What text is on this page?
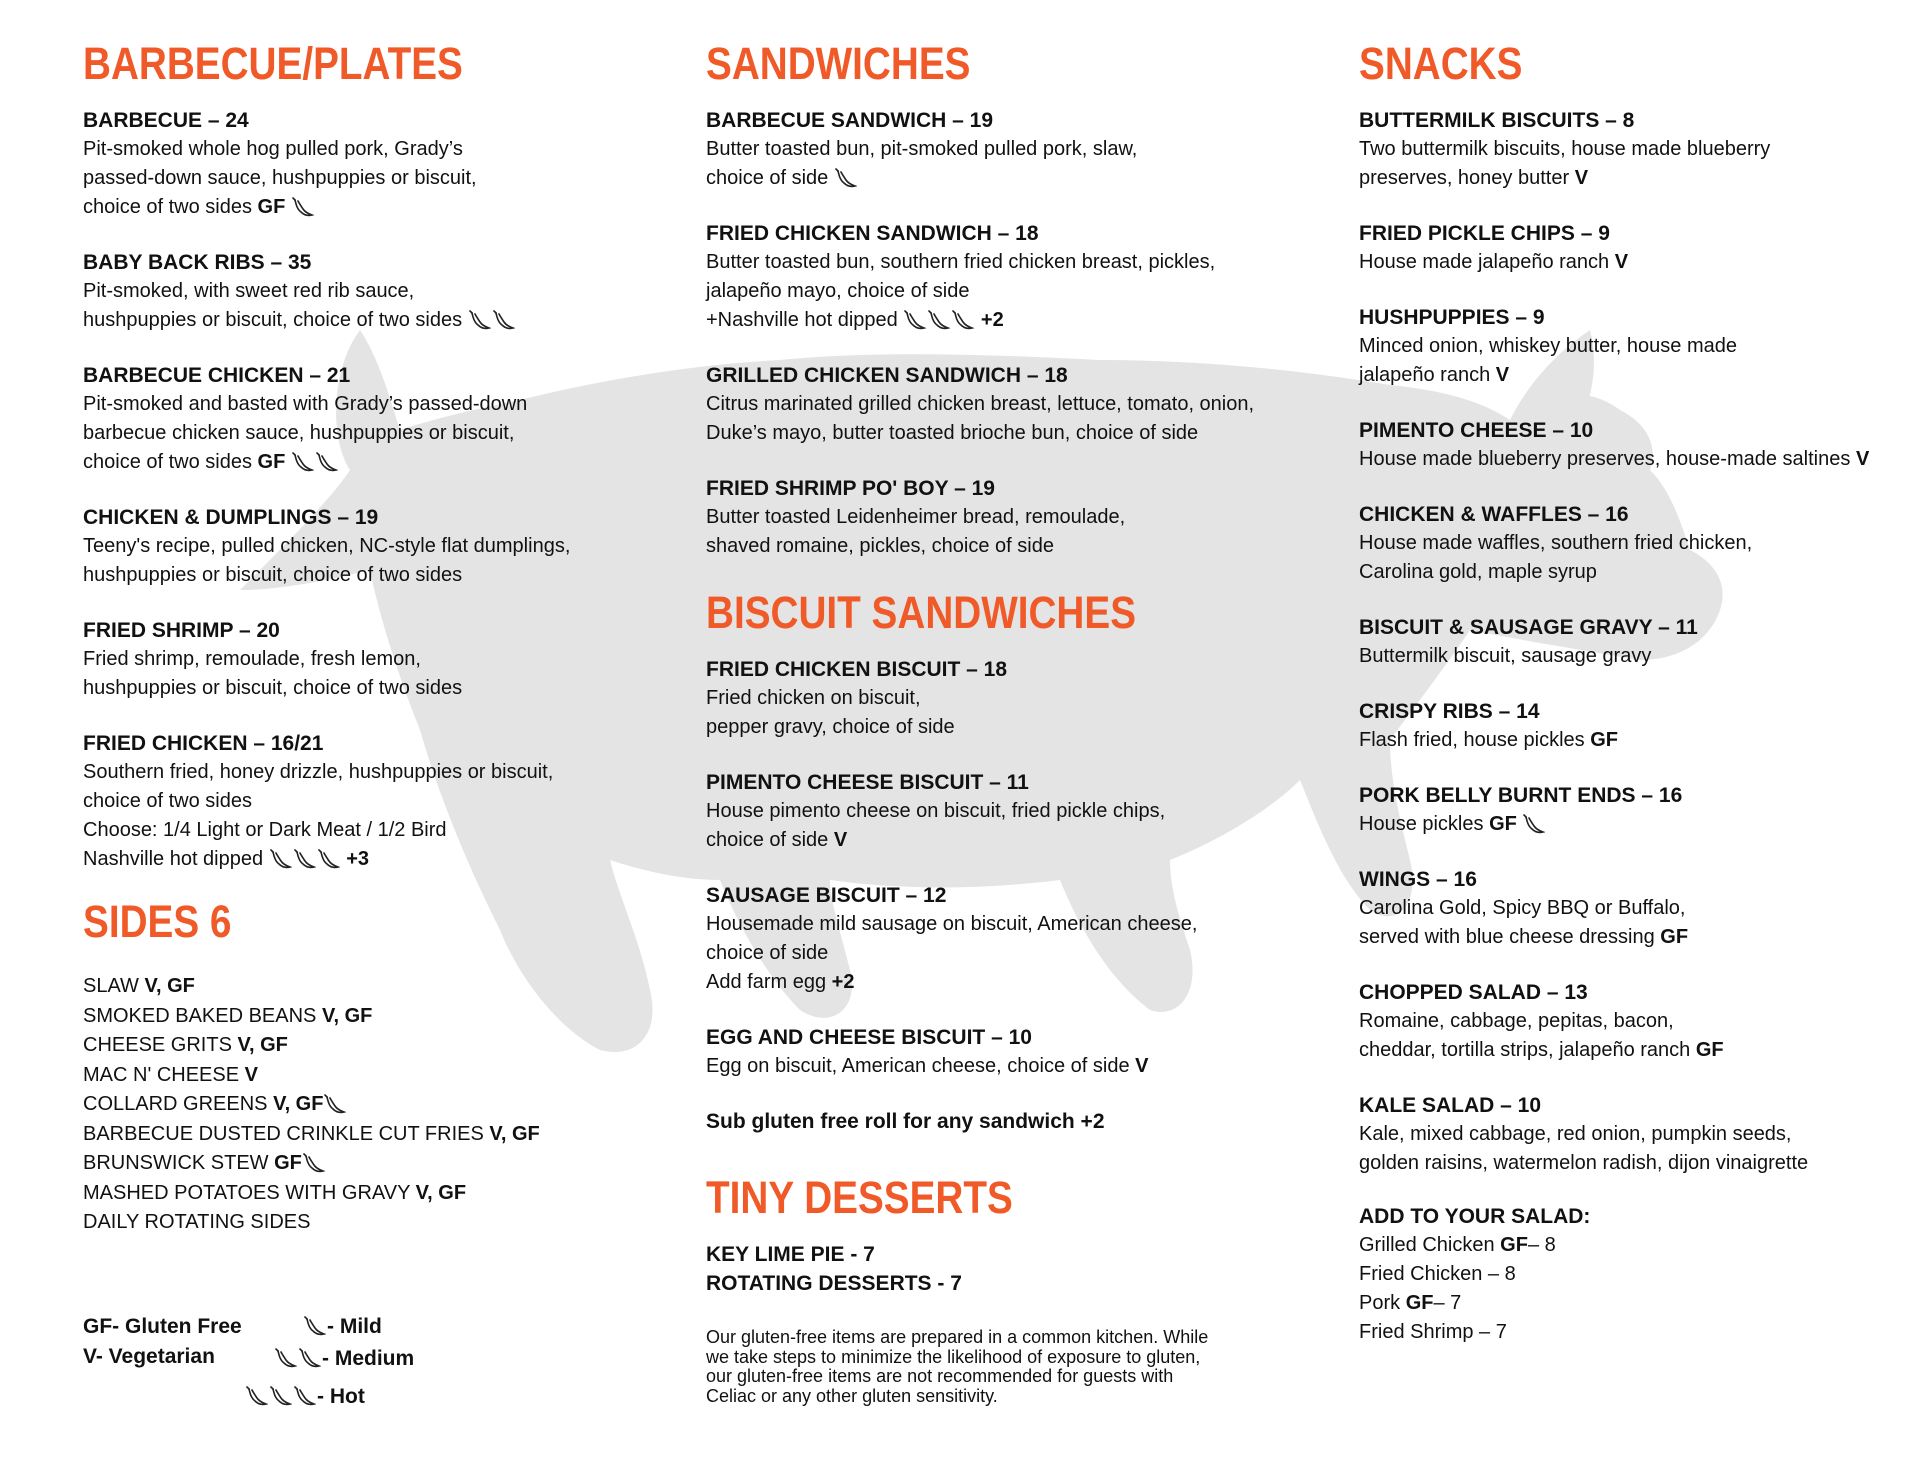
BARBECUE/PLATES
BARBECUE – 24
Pit-smoked whole hog pulled pork, Grady’s
passed-down sauce, hushpuppies or biscuit,
choice of two sides GF
BABY BACK RIBS – 35
Pit-smoked, with sweet red rib sauce,
hushpuppies or biscuit, choice of two sides
BARBECUE CHICKEN – 21
Pit-smoked and basted with Grady’s passed-down
barbecue chicken sauce, hushpuppies or biscuit,
choice of two sides GF
CHICKEN & DUMPLINGS – 19
Teeny's recipe, pulled chicken, NC-style flat dumplings,
hushpuppies or biscuit, choice of two sides
FRIED SHRIMP – 20
Fried shrimp, remoulade, fresh lemon,
hushpuppies or biscuit, choice of two sides
FRIED CHICKEN – 16/21
Southern fried, honey drizzle, hushpuppies or biscuit,
choice of two sides
Choose: 1/4 Light or Dark Meat / 1/2 Bird
Nashville hot dipped	+3
SIDES 6
SLAW V, GF
SMOKED BAKED BEANS V, GF
CHEESE GRITS V, GF
MAC N' CHEESE V
COLLARD GREENS V, GF
BARBECUE DUSTED CRINKLE CUT FRIES V, GF
BRUNSWICK STEW GF
MASHED POTATOES WITH GRAVY V, GF
DAILY ROTATING SIDES
GF- Gluten Free
V- Vegetarian
- Mild
- Medium
- Hot
SANDWICHES
BARBECUE SANDWICH – 19
Butter toasted bun, pit-smoked pulled pork, slaw,
choice of side
FRIED CHICKEN SANDWICH – 18
Butter toasted bun, southern fried chicken breast, pickles,
jalapeño mayo, choice of side
+Nashville hot dipped	+2
GRILLED CHICKEN SANDWICH – 18
Citrus marinated grilled chicken breast, lettuce, tomato, onion,
Duke’s mayo, butter toasted brioche bun, choice of side
FRIED SHRIMP PO' BOY – 19
Butter toasted Leidenheimer bread, remoulade,
shaved romaine, pickles, choice of side
BISCUIT SANDWICHES
FRIED CHICKEN BISCUIT – 18
Fried chicken on biscuit,
pepper gravy, choice of side
PIMENTO CHEESE BISCUIT – 11
House pimento cheese on biscuit, fried pickle chips,
choice of side V
SAUSAGE BISCUIT – 12
Housemade mild sausage on biscuit, American cheese,
choice of side
Add farm egg +2
EGG AND CHEESE BISCUIT – 10
Egg on biscuit, American cheese, choice of side V
Sub gluten free roll for any sandwich +2
TINY DESSERTS
KEY LIME PIE - 7
ROTATING DESSERTS - 7
Our gluten-free items are prepared in a common kitchen. While we take steps to minimize the likelihood of exposure to gluten, our gluten-free items are not recommended for guests with Celiac or any other gluten sensitivity.
SNACKS
BUTTERMILK BISCUITS – 8
Two buttermilk biscuits, house made blueberry
preserves, honey butter V
FRIED PICKLE CHIPS – 9
House made jalapeño ranch V
HUSHPUPPIES – 9
Minced onion, whiskey butter, house made
jalapeño ranch V
PIMENTO CHEESE – 10
House made blueberry preserves, house-made saltines V
CHICKEN & WAFFLES – 16
House made waffles, southern fried chicken,
Carolina gold, maple syrup
BISCUIT & SAUSAGE GRAVY – 11
Buttermilk biscuit, sausage gravy
CRISPY RIBS – 14
Flash fried, house pickles GF
PORK BELLY BURNT ENDS – 16
House pickles GF
WINGS – 16
Carolina Gold, Spicy BBQ or Buffalo,
served with blue cheese dressing GF
CHOPPED SALAD – 13
Romaine, cabbage, pepitas, bacon,
cheddar, tortilla strips, jalapeño ranch GF
KALE SALAD – 10
Kale, mixed cabbage, red onion, pumpkin seeds,
golden raisins, watermelon radish, dijon vinaigrette
ADD TO YOUR SALAD:
Grilled Chicken GF– 8
Fried Chicken – 8
Pork GF– 7
Fried Shrimp – 7
